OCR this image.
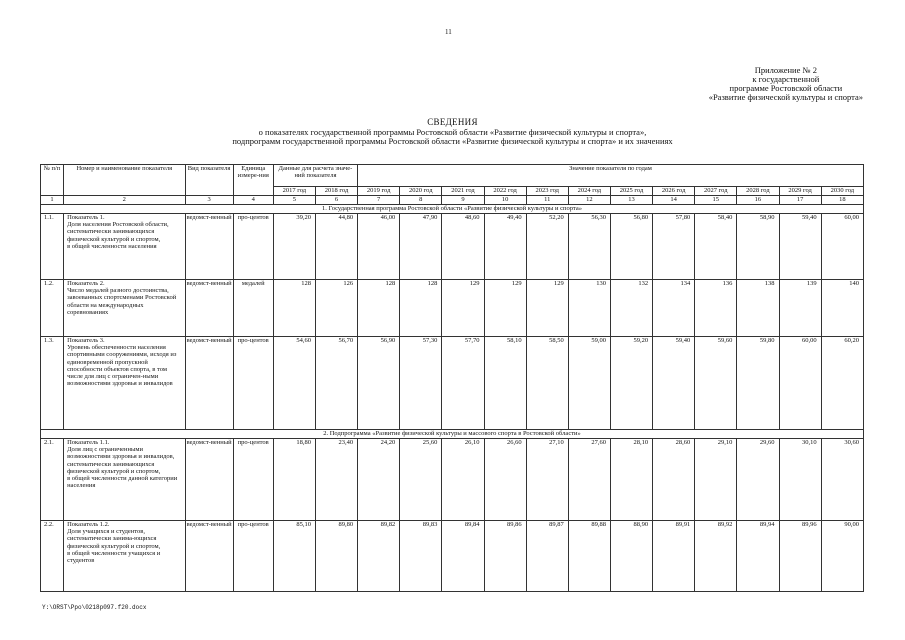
11
Приложение № 2
к государственной
программе Ростовской области
«Развитие физической культуры и спорта»
СВЕДЕНИЯ
о показателях государственной программы Ростовской области «Развитие физической культуры и спорта»,
подпрограмм государственной программы Ростовской области «Развитие физической культуры и спорта» и их значениях
№ п/п	Номер и наименование показателя	Вид показателя	Единица измере-ния	Данные для расчета значе-ний показателя		Значение показателя по годам											
				2017 год	2018 год	2019 год	2020 год	2021 год	2022 год	2023 год	2024 год	2025 год	2026 год	2027 год	2028 год	2029 год	2030 год
1	2	3	4	5	6	7	8	9	10	11	12	13	14	15	16	17	18
1. Государственная программа Ростовской области «Развитие физической культуры и спорта»																	
1.1.	Показатель 1.
Доля населения Ростовской области, систематически занимающихся физической культурой и спортом,
в общей численности населения	ведомст-венный	про-центов	39,20	44,80	46,00	47,90	48,60	49,40	52,20	56,30	56,80	57,80	58,40	58,90	59,40	60,00
1.2.	Показатель 2.
Число медалей разного достоинства, завоеванных спортсменами Ростовской области на международных соревнованиях	ведомст-венный	медалей	128	126	128	128	129	129	129	130	132	134	136	138	139	140
1.3.	Показатель 3.
Уровень обеспеченности населения спортивными сооружениями, исходя из единовременной пропускной способности объектов спорта, в том числе для лиц с ограничен-ными возможностями здоровья и инвалидов	ведомст-венный	про-центов	54,60	56,70	56,90	57,30	57,70	58,10	58,50	59,00	59,20	59,40	59,60	59,80	60,00	60,20
2. Подпрограмма «Развитие физической культуры и массового спорта в Ростовской области»																	
2.1.	Показатель 1.1.
Доля лиц с ограниченными возможностями здоровья и инвалидов, систематически занимающихся физической культурой и спортом,
в общей численности данной категории населения	ведомст-венный	про-центов	18,80	23,40	24,20	25,60	26,10	26,60	27,10	27,60	28,10	28,60	29,10	29,60	30,10	30,60
2.2.	Показатель 1.2.
Доля учащихся и студентов, систематически занима-ющихся физической культурой и спортом,
в общей численности учащихся и студентов	ведомст-венный	про-центов	85,10	89,80	89,82	89,83	89,84	89,86	89,87	89,88	88,90	89,91	89,92	89,94	89,96	90,00
Y:\ORST\Ppo\0218p097.f20.docx
